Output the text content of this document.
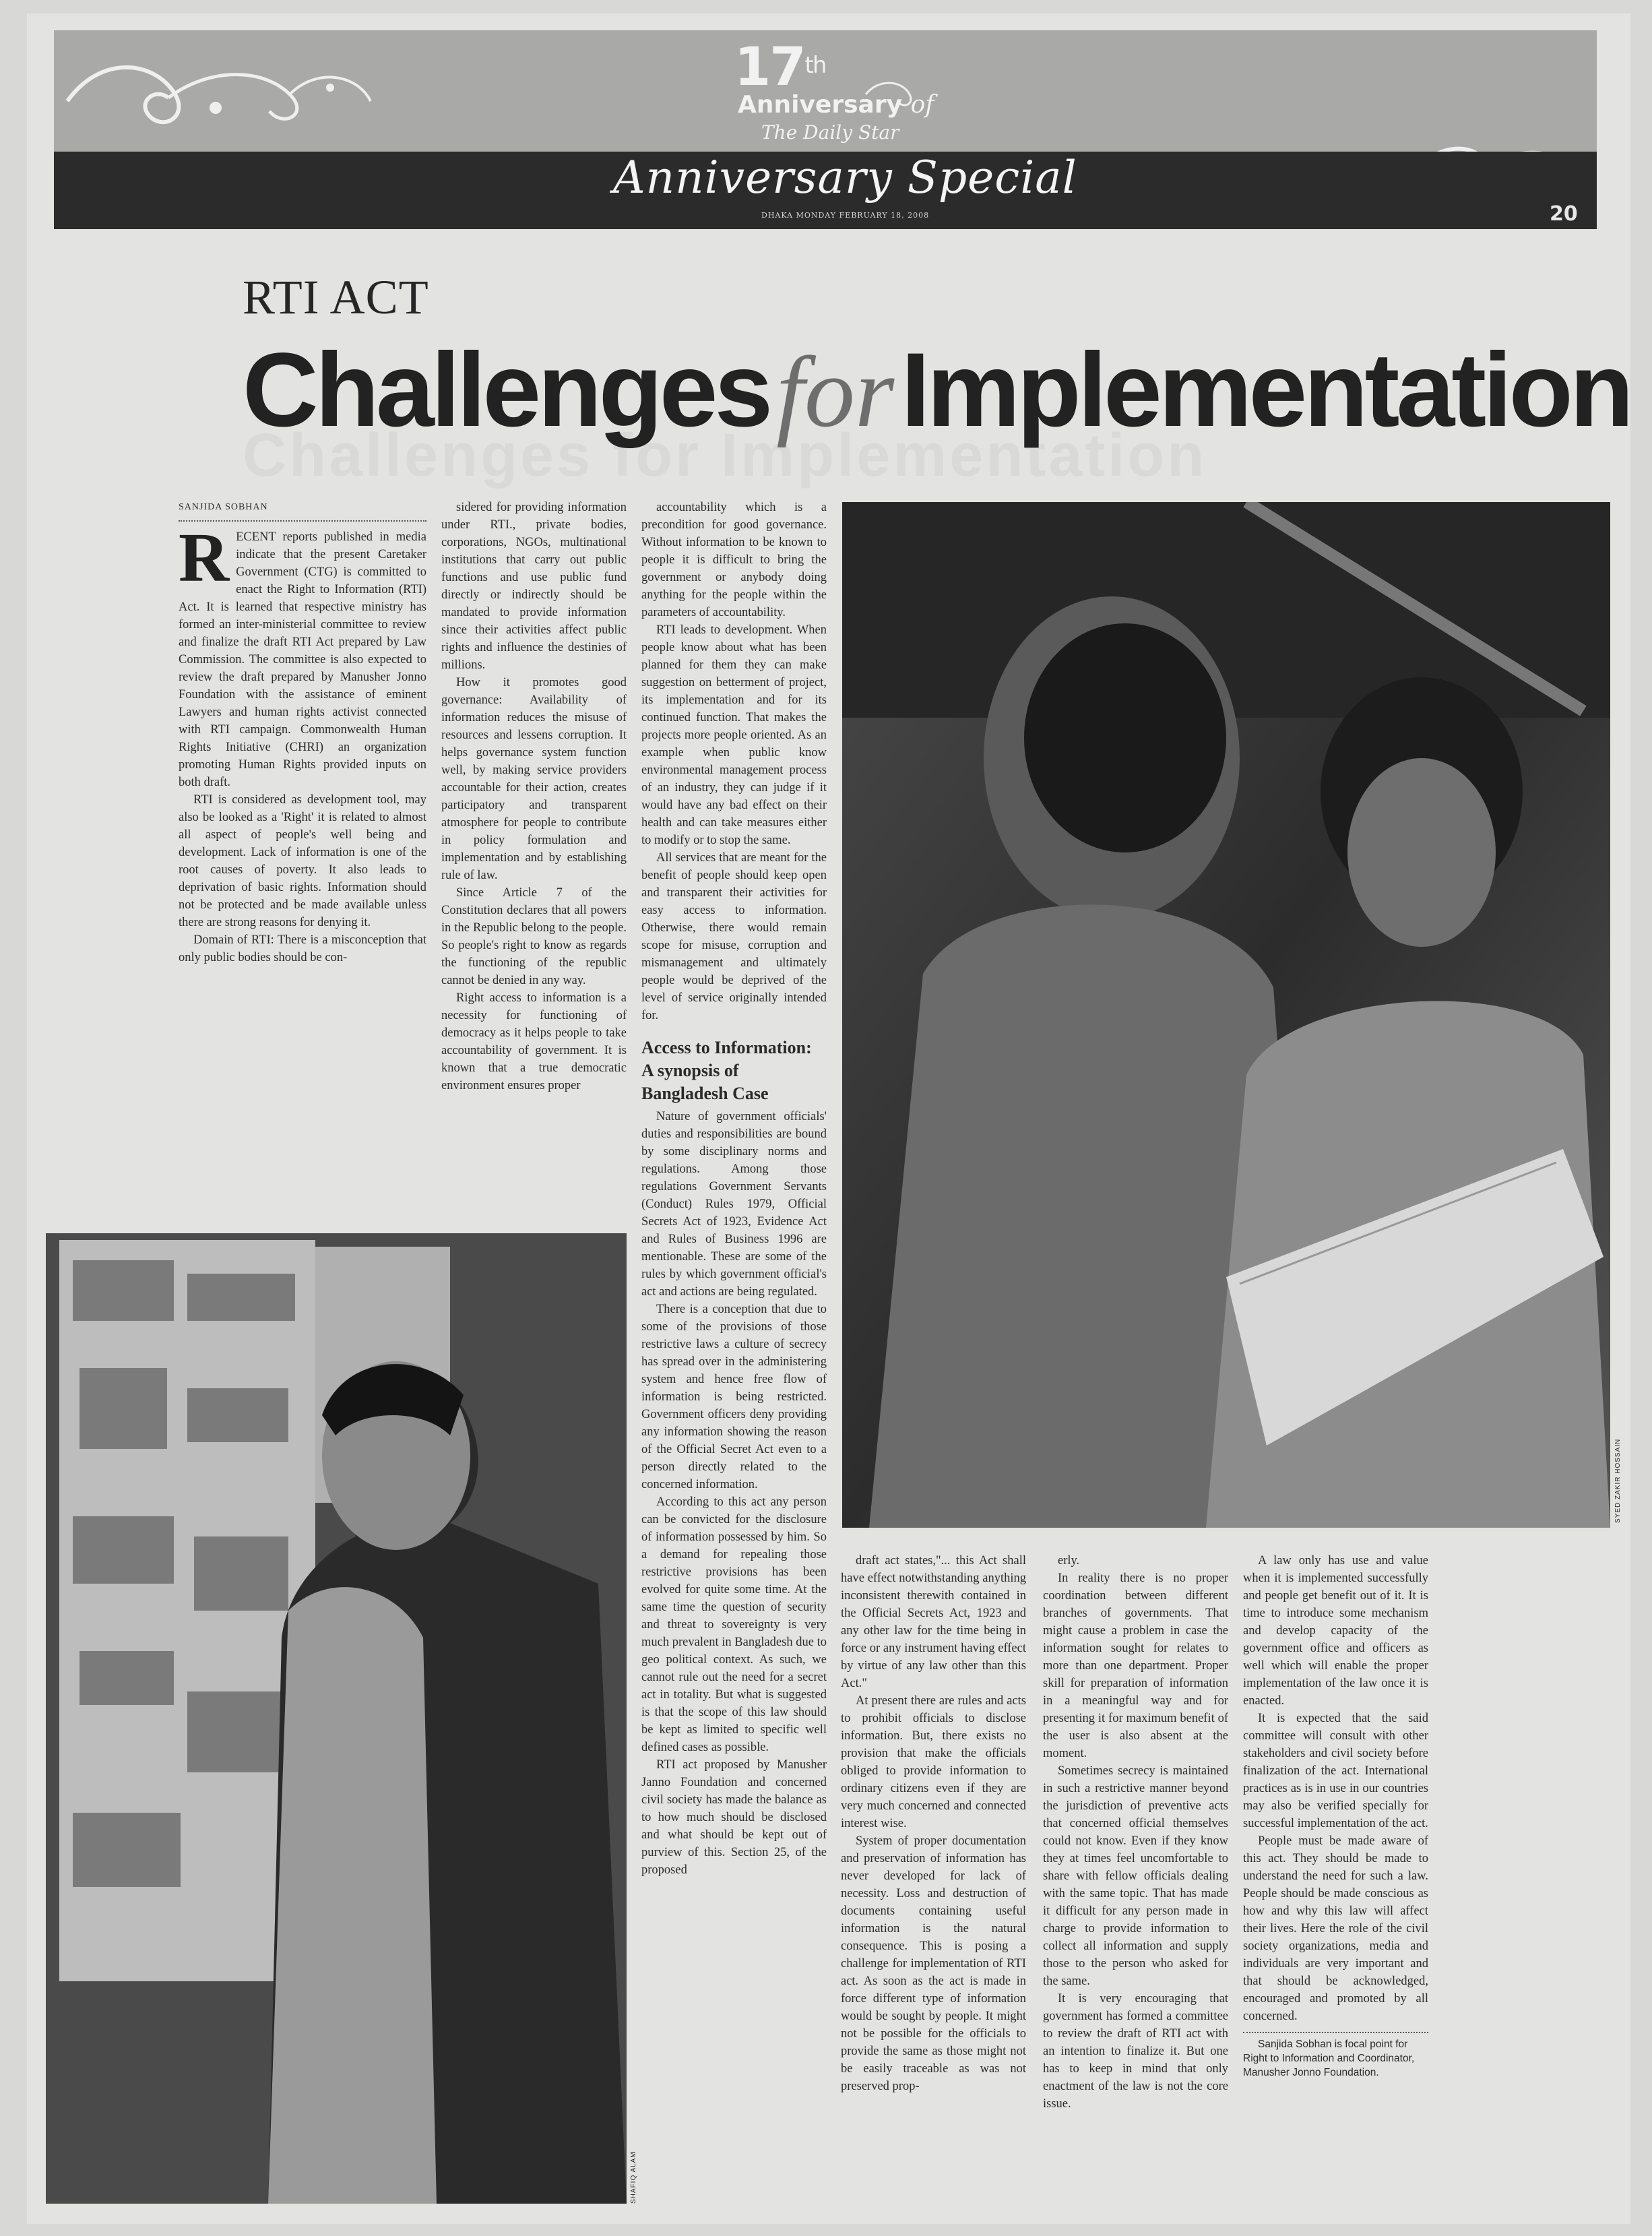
17th
Anniversary of
The Daily Star
Anniversary Special
DHAKA MONDAY FEBRUARY 18, 2008	20
RTI ACT
Challenges for Implementation
ChallengesforImplementation
SANJIDA SOBHAN
R ECENT reports published in media indicate that the present Caretaker Government (CTG) is committed to enact the Right to Information (RTI) Act. It is learned that respective ministry has formed an inter-ministerial committee to review and finalize the draft RTI Act prepared by Law Commission. The committee is also expected to review the draft prepared by Manusher Jonno Foundation with the assistance of eminent Lawyers and human rights activist connected with RTI campaign. Commonwealth Human Rights Initiative (CHRI) an organization promoting Human Rights provided inputs on both draft.

RTI is considered as development tool, may also be looked as a 'Right' it is related to almost all aspect of people's well being and development. Lack of information is one of the root causes of poverty. It also leads to deprivation of basic rights. Information should not be protected and be made available unless there are strong reasons for denying it.

Domain of RTI: There is a misconception that only public bodies should be con-

sidered for providing information under RTI., private bodies, corporations, NGOs, multinational institutions that carry out public functions and use public fund directly or indirectly should be mandated to provide information since their activities affect public rights and influence the destinies of millions.

How it promotes good governance: Availability of information reduces the misuse of resources and lessens corruption. It helps governance system function well, by making service providers accountable for their action, creates participatory and transparent atmosphere for people to contribute in policy formulation and implementation and by establishing rule of law.

Since Article 7 of the Constitution declares that all powers in the Republic belong to the people. So people's right to know as regards the functioning of the republic cannot be denied in any way.

Right access to information is a necessity for functioning of democracy as it helps people to take accountability of government. It is known that a true democratic environment ensures proper

accountability which is a precondition for good governance. Without information to be known to people it is difficult to bring the government or anybody doing anything for the people within the parameters of accountability.

RTI leads to development. When people know about what has been planned for them they can make suggestion on betterment of project, its implementation and for its continued function. That makes the projects more people oriented. As an example when public know environmental management process of an industry, they can judge if it would have any bad effect on their health and can take measures either to modify or to stop the same.

All services that are meant for the benefit of people should keep open and transparent their activities for easy access to information. Otherwise, there would remain scope for misuse, corruption and mismanagement and ultimately people would be deprived of the level of service originally intended for.

Access to Information: A synopsis of Bangladesh Case

Nature of government officials' duties and responsibilities are bound by some disciplinary norms and regulations. Among those regulations Government Servants (Conduct) Rules 1979, Official Secrets Act of 1923, Evidence Act and Rules of Business 1996 are mentionable. These are some of the rules by which government official's act and actions are being regulated.

There is a conception that due to some of the provisions of those restrictive laws a culture of secrecy has spread over in the administering system and hence free flow of information is being restricted. Government officers deny providing any information showing the reason of the Official Secret Act even to a person directly related to the concerned information.

According to this act any person can be convicted for the disclosure of information possessed by him. So a demand for repealing those restrictive provisions has been evolved for quite some time. At the same time the question of security and threat to sovereignty is very much prevalent in Bangladesh due to geo political context. As such, we cannot rule out the need for a secret act in totality. But what is suggested is that the scope of this law should be kept as limited to specific well defined cases as possible.

RTI act proposed by Manusher Janno Foundation and concerned civil society has made the balance as to how much should be disclosed and what should be kept out of purview of this. Section 25, of the proposed

SYED ZAKIR HOSSAIN
SHAFIQ ALAM

draft act states,"... this Act shall have effect notwithstanding anything inconsistent therewith contained in the Official Secrets Act, 1923 and any other law for the time being in force or any instrument having effect by virtue of any law other than this Act."

At present there are rules and acts to prohibit officials to disclose information. But, there exists no provision that make the officials obliged to provide information to ordinary citizens even if they are very much concerned and connected interest wise.

System of proper documentation and preservation of information has never developed for lack of necessity. Loss and destruction of documents containing useful information is the natural consequence. This is posing a challenge for implementation of RTI act. As soon as the act is made in force different type of information would be sought by people. It might not be possible for the officials to provide the same as those might not be easily traceable as was not preserved prop-

erly.

In reality there is no proper coordination between different branches of governments. That might cause a problem in case the information sought for relates to more than one department. Proper skill for preparation of information in a meaningful way and for presenting it for maximum benefit of the user is also absent at the moment.

Sometimes secrecy is maintained in such a restrictive manner beyond the jurisdiction of preventive acts that concerned official themselves could not know. Even if they know they at times feel uncomfortable to share with fellow officials dealing with the same topic. That has made it difficult for any person made in charge to provide information to collect all information and supply those to the person who asked for the same.

It is very encouraging that government has formed a committee to review the draft of RTI act with an intention to finalize it. But one has to keep in mind that only enactment of the law is not the core issue.

A law only has use and value when it is implemented successfully and people get benefit out of it. It is time to introduce some mechanism and develop capacity of the government office and officers as well which will enable the proper implementation of the law once it is enacted.

It is expected that the said committee will consult with other stakeholders and civil society before finalization of the act. International practices as is in use in our countries may also be verified specially for successful implementation of the act.

People must be made aware of this act. They should be made to understand the need for such a law. People should be made conscious as how and why this law will affect their lives. Here the role of the civil society organizations, media and individuals are very important and that should be acknowledged, encouraged and promoted by all concerned.

Sanjida Sobhan is focal point for Right to Information and Coordinator, Manusher Jonno Foundation.
